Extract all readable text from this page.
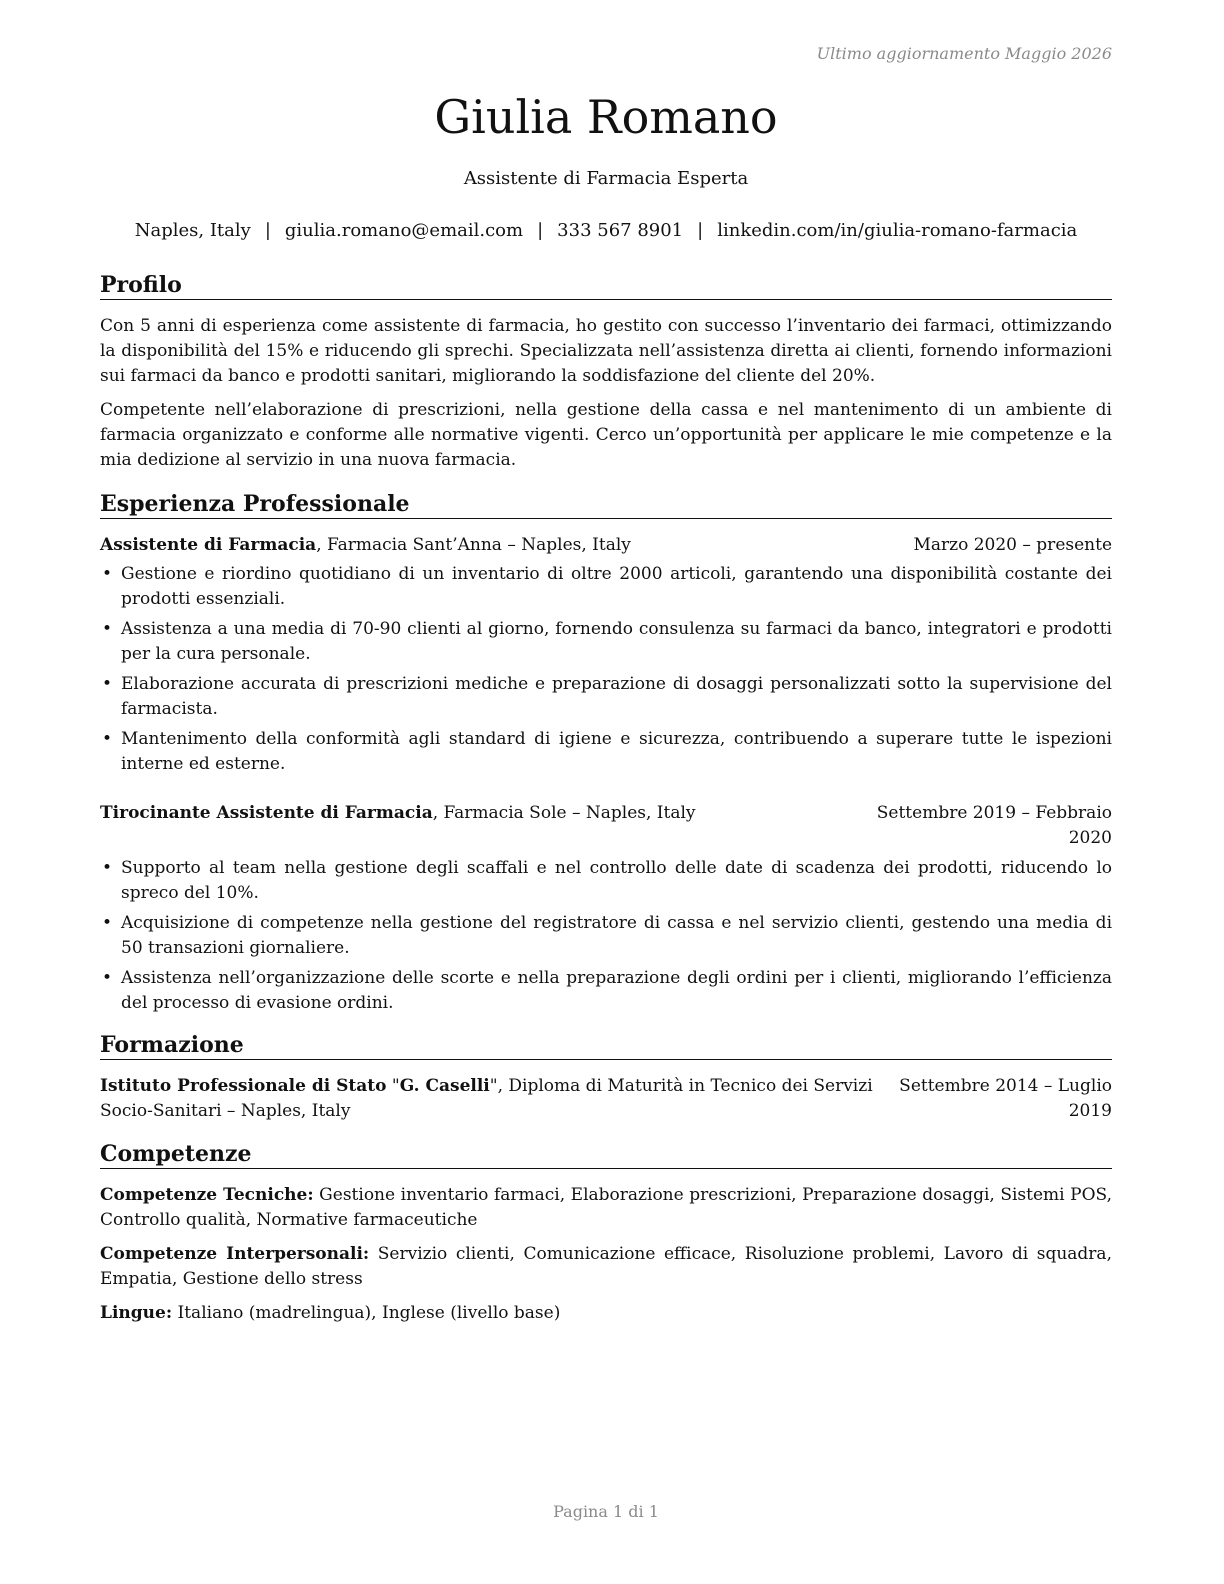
Ultimo aggiornamento Maggio 2026
Giulia Romano
Assistente di Farmacia Esperta
Naples, Italy | giulia.romano@email.com | 333 567 8901 | linkedin.com/in/giulia-romano-farmacia
Profilo
Con 5 anni di esperienza come assistente di farmacia, ho gestito con successo l’inventario dei farmaci, ottimizzando la disponibilità del 15% e riducendo gli sprechi. Specializzata nell’assistenza diretta ai clienti, fornendo informazioni sui farmaci da banco e prodotti sanitari, migliorando la soddisfazione del cliente del 20%.
Competente nell’elaborazione di prescrizioni, nella gestione della cassa e nel mantenimento di un ambiente di farmacia organizzato e conforme alle normative vigenti. Cerco un’opportunità per applicare le mie competenze e la mia dedizione al servizio in una nuova farmacia.
Esperienza Professionale
Assistente di Farmacia, Farmacia Sant’Anna – Naples, Italy	Marzo 2020 – presente
• Gestione e riordino quotidiano di un inventario di oltre 2000 articoli, garantendo una disponibilità costante dei prodotti essenziali.
• Assistenza a una media di 70-90 clienti al giorno, fornendo consulenza su farmaci da banco, integratori e prodotti per la cura personale.
• Elaborazione accurata di prescrizioni mediche e preparazione di dosaggi personalizzati sotto la supervisione del farmacista.
• Mantenimento della conformità agli standard di igiene e sicurezza, contribuendo a superare tutte le ispezioni interne ed esterne.
Tirocinante Assistente di Farmacia, Farmacia Sole – Naples, Italy	Settembre 2019 – Febbraio
2020
• Supporto al team nella gestione degli scaffali e nel controllo delle date di scadenza dei prodotti, riducendo lo spreco del 10%.
• Acquisizione di competenze nella gestione del registratore di cassa e nel servizio clienti, gestendo una media di 50 transazioni giornaliere.
• Assistenza nell’organizzazione delle scorte e nella preparazione degli ordini per i clienti, migliorando l’efficienza del processo di evasione ordini.
Formazione
Istituto Professionale di Stato "G. Caselli", Diploma di Maturità in Tecnico dei Servizi
Socio-Sanitari – Naples, Italy
Settembre 2014 – Luglio
2019
Competenze
Competenze Tecniche: Gestione inventario farmaci, Elaborazione prescrizioni, Preparazione dosaggi, Sistemi POS, Controllo qualità, Normative farmaceutiche
Competenze Interpersonali: Servizio clienti, Comunicazione efficace, Risoluzione problemi, Lavoro di squadra, Empatia, Gestione dello stress
Lingue: Italiano (madrelingua), Inglese (livello base)
Pagina 1 di 1
